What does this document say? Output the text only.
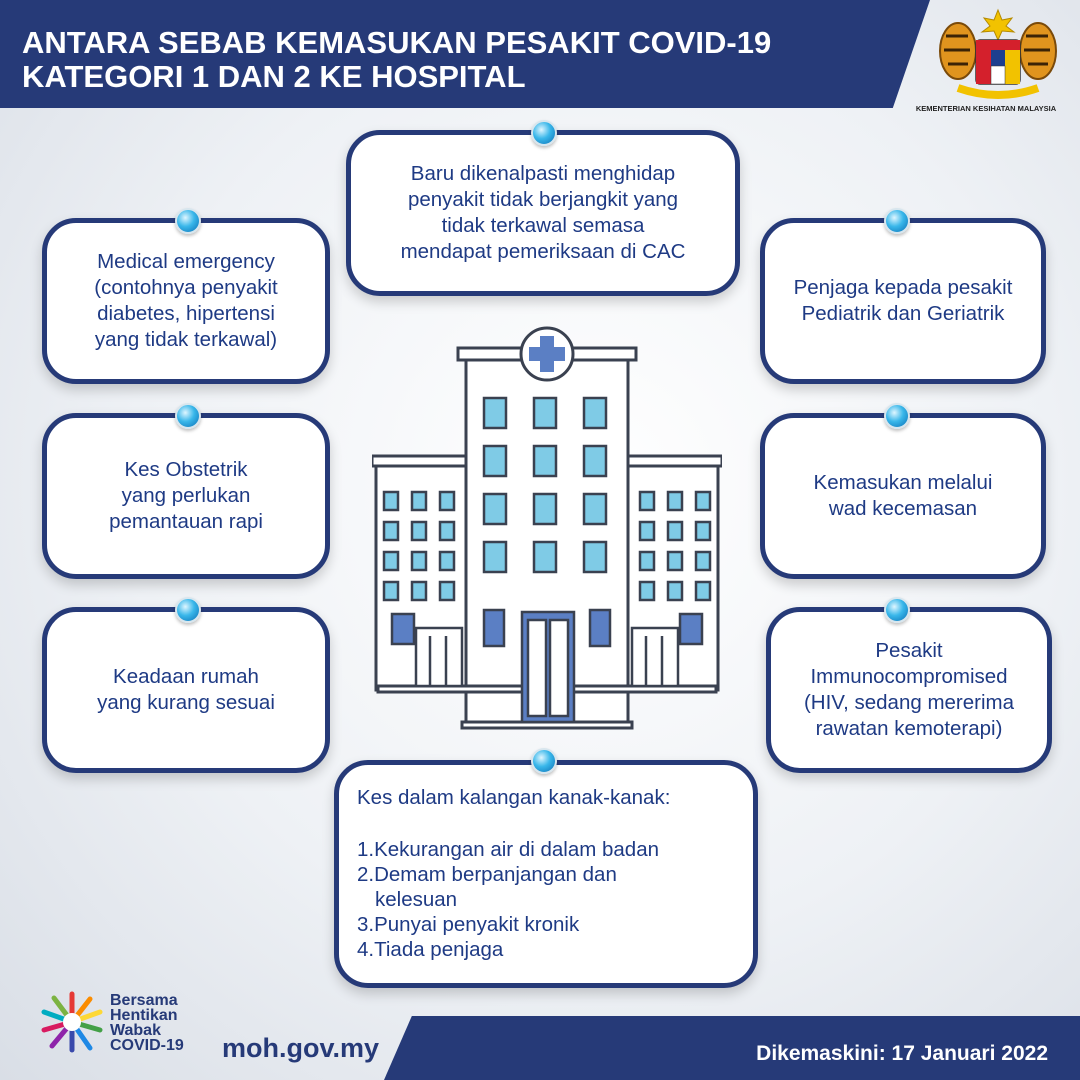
ANTARA SEBAB KEMASUKAN PESAKIT COVID-19
KATEGORI 1 DAN 2 KE HOSPITAL
KEMENTERIAN KESIHATAN MALAYSIA
Baru dikenalpasti menghidap
penyakit tidak berjangkit yang
tidak terkawal semasa
mendapat pemeriksaan di CAC
Medical emergency
(contohnya penyakit
diabetes, hipertensi
yang tidak terkawal)
Kes Obstetrik
yang perlukan
pemantauan rapi
Keadaan rumah
yang kurang sesuai
Penjaga kepada pesakit
Pediatrik dan Geriatrik
Kemasukan melalui
wad kecemasan
Pesakit
Immunocompromised
(HIV, sedang mererima
rawatan kemoterapi)
Kes dalam kalangan kanak-kanak:
1.Kekurangan air di dalam badan
2.Demam berpanjangan dan
kelesuan
3.Punyai penyakit kronik
4.Tiada penjaga
Bersama
Hentikan
Wabak
COVID-19 moh.gov.my	Dikemaskini: 17 Januari 2022
